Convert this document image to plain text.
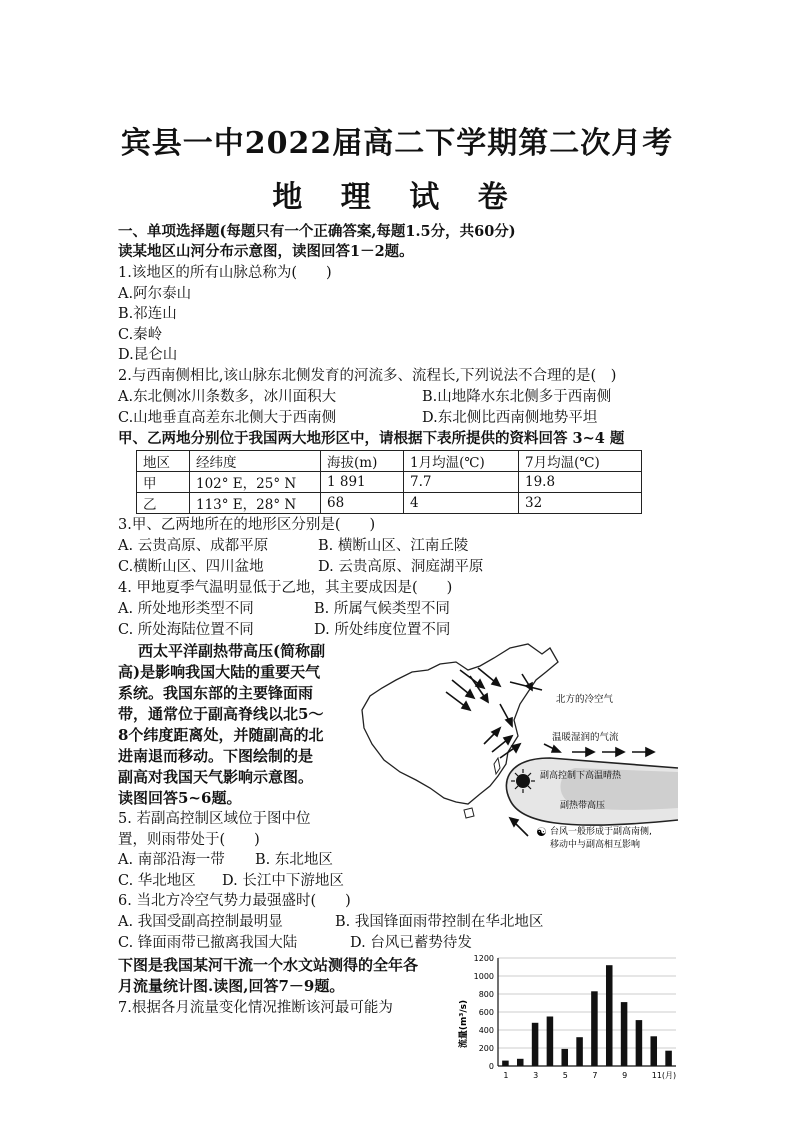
宾县一中2022届高二下学期第二次月考
地 理 试 卷
一、单项选择题(每题只有一个正确答案,每题1.5分，共60分)
读某地区山河分布示意图，读图回答1－2题。
1.该地区的所有山脉总称为(　　)
A.阿尔泰山
B.祁连山
C.秦岭
D.昆仑山
2.与西南侧相比,该山脉东北侧发育的河流多、流程长,下列说法不合理的是(　)
A.东北侧冰川条数多，冰川面积大	B.山地降水东北侧多于西南侧
C.山地垂直高差东北侧大于西南侧	D.东北侧比西南侧地势平坦
甲、乙两地分别位于我国两大地形区中，请根据下表所提供的资料回答 3~4 题
地区	经纬度	海拔(m)	1月均温(℃)	7月均温(℃)
甲	102° E，25° N	1 891	7.7	19.8
乙	113° E，28° N	68	4	32
3.甲、乙两地所在的地形区分别是(　　)
A. 云贵高原、成都平原	B. 横断山区、江南丘陵
C.横断山区、四川盆地	D. 云贵高原、洞庭湖平原
4. 甲地夏季气温明显低于乙地，其主要成因是(　　)
A. 所处地形类型不同	B. 所属气候类型不同
C. 所处海陆位置不同	D. 所处纬度位置不同
西太平洋副热带高压(简称副
高)是影响我国大陆的重要天气
系统。我国东部的主要锋面雨
带，通常位于副高脊线以北5～
8个纬度距离处，并随副高的北
进南退而移动。下图绘制的是
副高对我国天气影响示意图。
读图回答5~6题。
北方的冷空气
温暖湿润的气流
副高控制下高温晴热
副热带高压
☯ 台风一般形成于副高南侧,
移动中与副高相互影响
5. 若副高控制区域位于图中位
置，则雨带处于(　　)
A. 南部沿海一带 B. 东北地区
C. 华北地区 D. 长江中下游地区
6. 当北方冷空气势力最强盛时(　　)
A. 我国受副高控制最明显	B. 我国锋面雨带控制在华北地区
C. 锋面雨带已撤离我国大陆	D. 台风已蓄势待发
下图是我国某河干流一个水文站测得的全年各
月流量统计图.读图,回答7－9题。
7.根据各月流量变化情况推断该河最可能为
0
200
400
600
800
1000
1200
1	3	5	7	9	11(月)
流量(m³/s)
